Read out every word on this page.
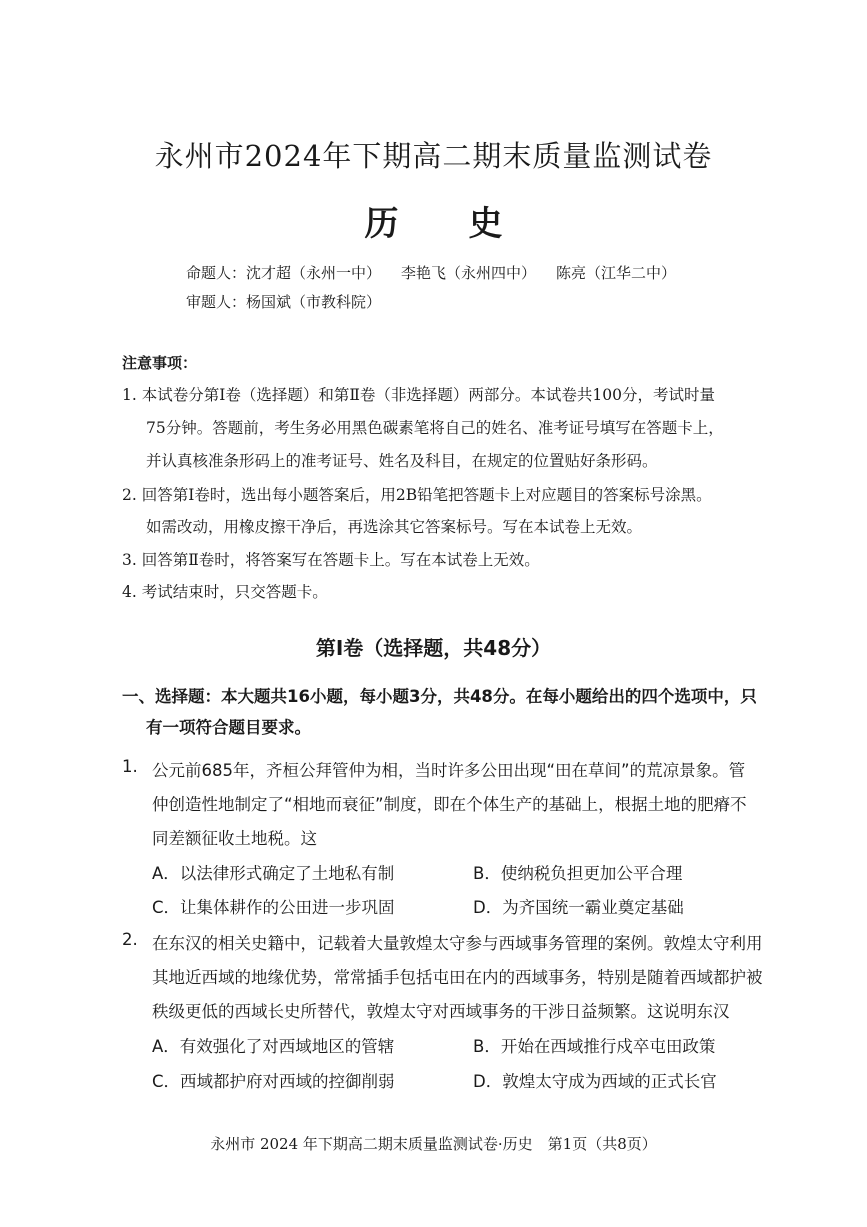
永州市2024年下期高二期末质量监测试卷
历 史
命题人：沈才超（永州一中） 李艳飞（永州四中） 陈亮（江华二中）
审题人：杨国斌（市教科院）
注意事项：
1. 本试卷分第Ⅰ卷（选择题）和第Ⅱ卷（非选择题）两部分。本试卷共100分，考试时量
75分钟。答题前，考生务必用黑色碳素笔将自己的姓名、准考证号填写在答题卡上，
并认真核准条形码上的准考证号、姓名及科目，在规定的位置贴好条形码。
2. 回答第Ⅰ卷时，选出每小题答案后，用2B铅笔把答题卡上对应题目的答案标号涂黑。
如需改动，用橡皮擦干净后，再选涂其它答案标号。写在本试卷上无效。
3. 回答第Ⅱ卷时，将答案写在答题卡上。写在本试卷上无效。
4. 考试结束时，只交答题卡。
第Ⅰ卷（选择题，共48分）
一、选择题：本大题共16小题，每小题3分，共48分。在每小题给出的四个选项中，只
有一项符合题目要求。
1. 公元前685年，齐桓公拜管仲为相，当时许多公田出现“田在草间”的荒凉景象。管
仲创造性地制定了“相地而衰征”制度，即在个体生产的基础上，根据土地的肥瘠不
同差额征收土地税。这
A．以法律形式确定了土地私有制	B．使纳税负担更加公平合理
C．让集体耕作的公田进一步巩固	D．为齐国统一霸业奠定基础
2. 在东汉的相关史籍中，记载着大量敦煌太守参与西域事务管理的案例。敦煌太守利用
其地近西域的地缘优势，常常插手包括屯田在内的西域事务，特别是随着西域都护被
秩级更低的西域长史所替代，敦煌太守对西域事务的干涉日益频繁。这说明东汉
A．有效强化了对西域地区的管辖	B．开始在西域推行戍卒屯田政策
C．西域都护府对西域的控御削弱	D．敦煌太守成为西域的正式长官
永州市 2024 年下期高二期末质量监测试卷·历史　第1页（共8页）
